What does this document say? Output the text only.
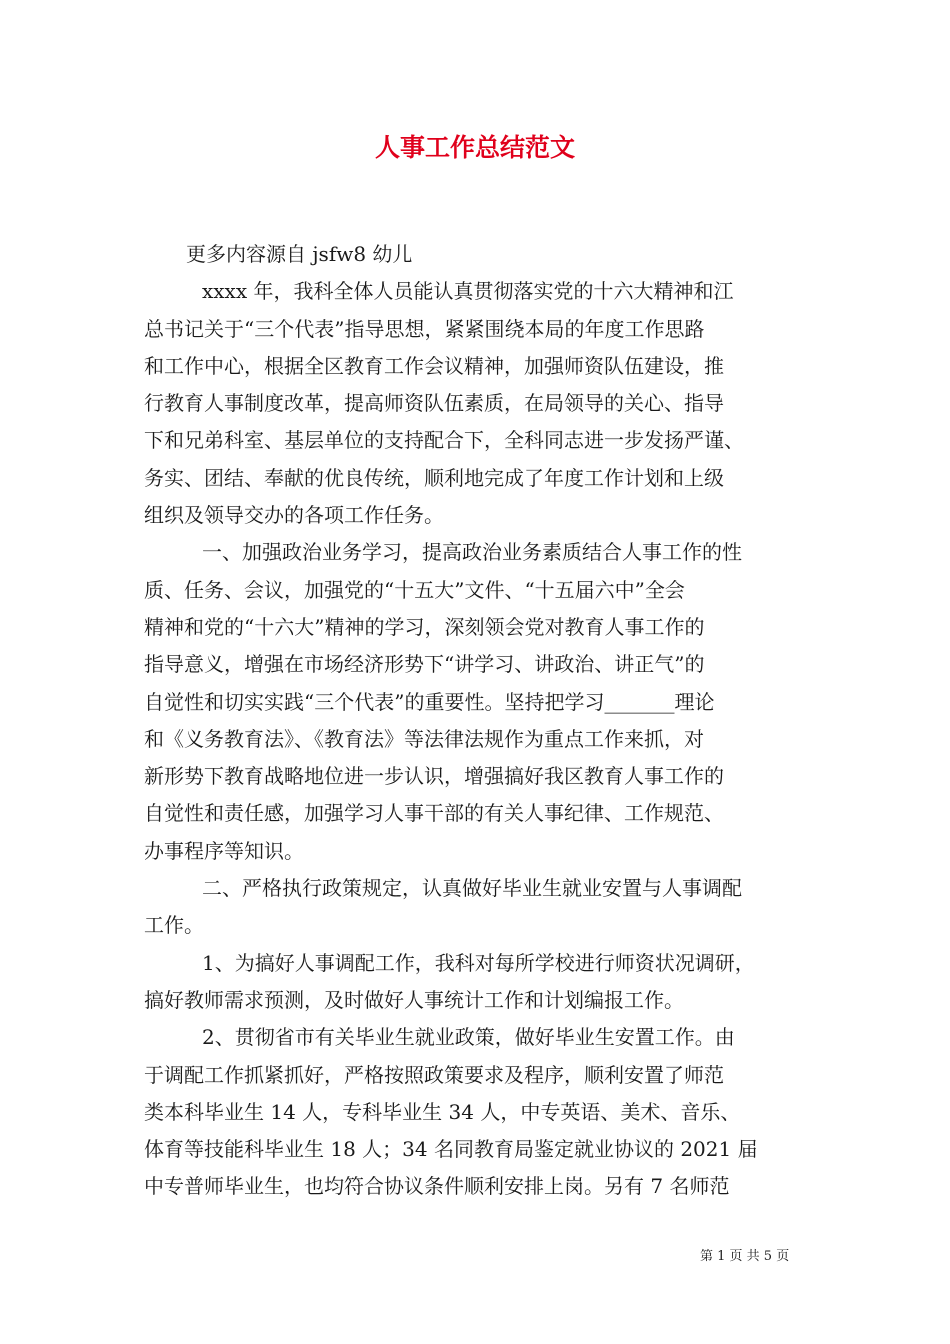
人事工作总结范文
更多内容源自 jsfw8 幼儿
xxxx 年，我科全体人员能认真贯彻落实党的十六大精神和江
总书记关于“三个代表”指导思想，紧紧围绕本局的年度工作思路
和工作中心，根据全区教育工作会议精神，加强师资队伍建设，推
行教育人事制度改革，提高师资队伍素质，在局领导的关心、指导
下和兄弟科室、基层单位的支持配合下，全科同志进一步发扬严谨、
务实、团结、奉献的优良传统，顺利地完成了年度工作计划和上级
组织及领导交办的各项工作任务。
一、加强政治业务学习，提高政治业务素质结合人事工作的性
质、任务、会议，加强党的“十五大”文件、“十五届六中”全会
精神和党的“十六大”精神的学习，深刻领会党对教育人事工作的
指导意义，增强在市场经济形势下“讲学习、讲政治、讲正气”的
自觉性和切实实践“三个代表”的重要性。坚持把学习_______理论
和《义务教育法》、《教育法》等法律法规作为重点工作来抓，对
新形势下教育战略地位进一步认识，增强搞好我区教育人事工作的
自觉性和责任感，加强学习人事干部的有关人事纪律、工作规范、
办事程序等知识。
二、严格执行政策规定，认真做好毕业生就业安置与人事调配
工作。
1、为搞好人事调配工作，我科对每所学校进行师资状况调研，
搞好教师需求预测，及时做好人事统计工作和计划编报工作。
2、贯彻省市有关毕业生就业政策，做好毕业生安置工作。由
于调配工作抓紧抓好，严格按照政策要求及程序，顺利安置了师范
类本科毕业生 14 人，专科毕业生 34 人，中专英语、美术、音乐、
体育等技能科毕业生 18 人；34 名同教育局鉴定就业协议的 2021 届
中专普师毕业生，也均符合协议条件顺利安排上岗。另有 7 名师范
第 1 页 共 5 页
